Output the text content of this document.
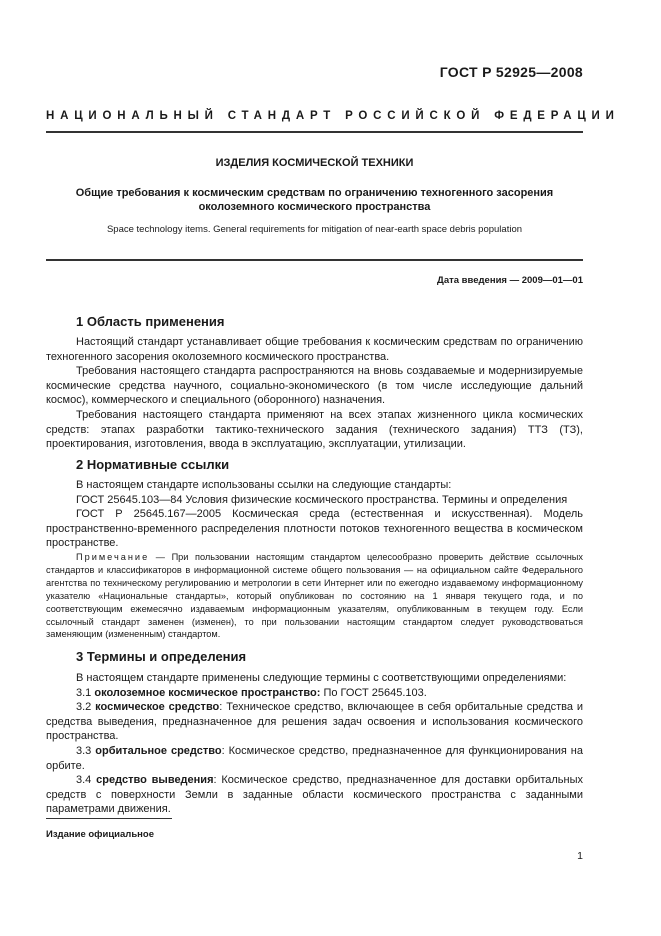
ГОСТ Р 52925—2008
НАЦИОНАЛЬНЫЙ СТАНДАРТ РОССИЙСКОЙ ФЕДЕРАЦИИ
ИЗДЕЛИЯ КОСМИЧЕСКОЙ ТЕХНИКИ
Общие требования к космическим средствам по ограничению техногенного засорения
околоземного космического пространства
Space technology items. General requirements for mitigation of near-earth space debris population
Дата введения — 2009—01—01
1 Область применения

Настоящий стандарт устанавливает общие требования к космическим средствам по ограничению техногенного засорения околоземного космического пространства.

Требования настоящего стандарта распространяются на вновь создаваемые и модернизируемые космические средства научного, социально-экономического (в том числе исследующие дальний космос), коммерческого и специального (оборонного) назначения.

Требования настоящего стандарта применяют на всех этапах жизненного цикла космических средств: этапах разработки тактико-технического задания (технического задания) ТТЗ (ТЗ), проектирования, изготовления, ввода в эксплуатацию, эксплуатации, утилизации.

2 Нормативные ссылки

В настоящем стандарте использованы ссылки на следующие стандарты:

ГОСТ 25645.103—84 Условия физические космического пространства. Термины и определения

ГОСТ Р 25645.167—2005 Космическая среда (естественная и искусственная). Модель пространственно-временного распределения плотности потоков техногенного вещества в космическом пространстве.

Примечание — При пользовании настоящим стандартом целесообразно проверить действие ссылочных стандартов и классификаторов в информационной системе общего пользования — на официальном сайте Федерального агентства по техническому регулированию и метрологии в сети Интернет или по ежегодно издаваемому информационному указателю «Национальные стандарты», который опубликован по состоянию на 1 января текущего года, и по соответствующим ежемесячно издаваемым информационным указателям, опубликованным в текущем году. Если ссылочный стандарт заменен (изменен), то при пользовании настоящим стандартом следует руководствоваться заменяющим (измененным) стандартом.
3 Термины и определения

В настоящем стандарте применены следующие термины с соответствующими определениями:

3.1 околоземное космическое пространство: По ГОСТ 25645.103.

3.2 космическое средство: Техническое средство, включающее в себя орбитальные средства и средства выведения, предназначенное для решения задач освоения и использования космического пространства.

3.3 орбитальное средство: Космическое средство, предназначенное для функционирования на орбите.

3.4 средство выведения: Космическое средство, предназначенное для доставки орбитальных средств с поверхности Земли в заданные области космического пространства с заданными параметрами движения.

Издание официальное
1
